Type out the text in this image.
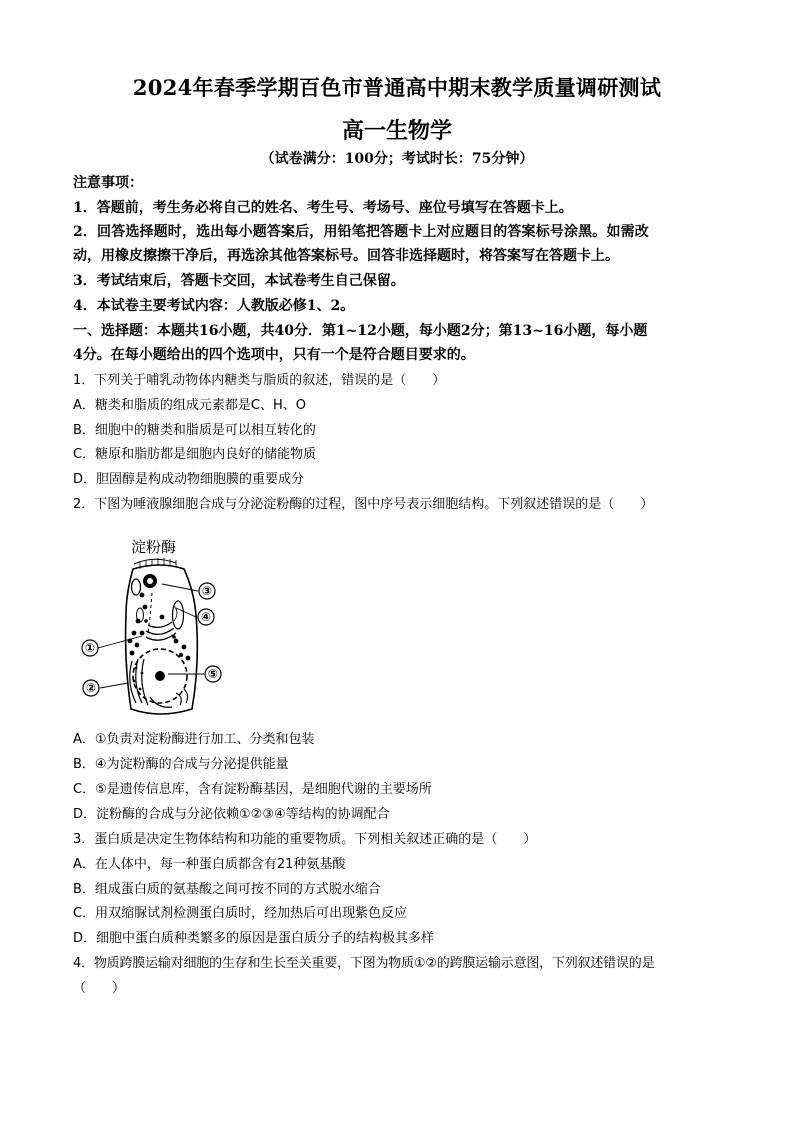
2024年春季学期百色市普通高中期末教学质量调研测试
高一生物学
（试卷满分：100分；考试时长：75分钟）
注意事项：
1．答题前，考生务必将自己的姓名、考生号、考场号、座位号填写在答题卡上。
2．回答选择题时，选出每小题答案后，用铅笔把答题卡上对应题目的答案标号涂黑。如需改
动，用橡皮擦擦干净后，再选涂其他答案标号。回答非选择题时，将答案写在答题卡上。
3．考试结束后，答题卡交回，本试卷考生自己保留。
4．本试卷主要考试内容：人教版必修1、2。
一、选择题：本题共16小题，共40分．第1~12小题，每小题2分；第13~16小题，每小题
4分。在每小题给出的四个选项中，只有一个是符合题目要求的。
1．下列关于哺乳动物体内糖类与脂质的叙述，错误的是（　　）
A．糖类和脂质的组成元素都是C、H、O
B．细胞中的糖类和脂质是可以相互转化的
C．糖原和脂肪都是细胞内良好的储能物质
D．胆固醇是构成动物细胞膜的重要成分
2．下图为唾液腺细胞合成与分泌淀粉酶的过程，图中序号表示细胞结构。下列叙述错误的是（　　）
淀粉酶
③
④
①
②
⑤
A．①负责对淀粉酶进行加工、分类和包装
B．④为淀粉酶的合成与分泌提供能量
C．⑤是遗传信息库，含有淀粉酶基因，是细胞代谢的主要场所
D．淀粉酶的合成与分泌依赖①②③④等结构的协调配合
3．蛋白质是决定生物体结构和功能的重要物质。下列相关叙述正确的是（　　）
A．在人体中，每一种蛋白质都含有21种氨基酸
B．组成蛋白质的氨基酸之间可按不同的方式脱水缩合
C．用双缩脲试剂检测蛋白质时，经加热后可出现紫色反应
D．细胞中蛋白质种类繁多的原因是蛋白质分子的结构极其多样
4．物质跨膜运输对细胞的生存和生长至关重要，下图为物质①②的跨膜运输示意图，下列叙述错误的是
（　　）
